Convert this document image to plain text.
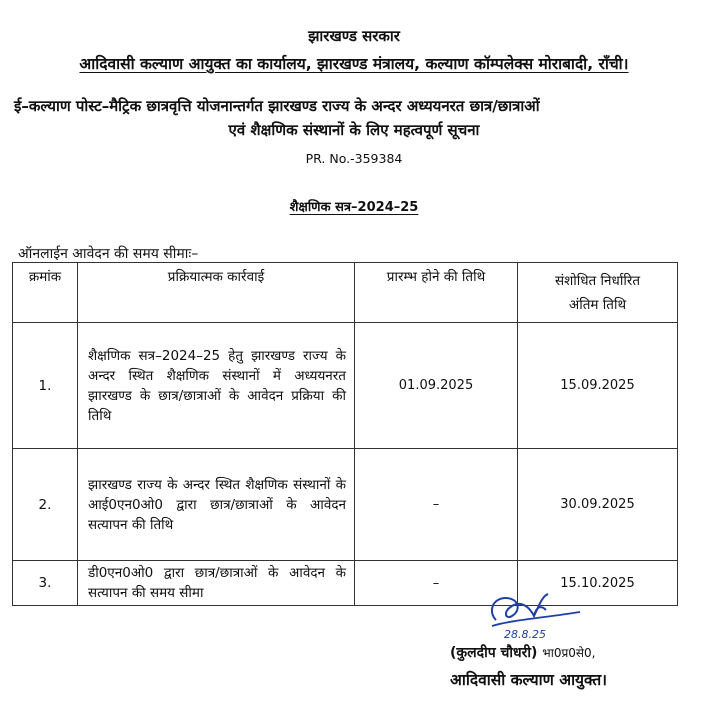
झारखण्ड सरकार
आदिवासी कल्याण आयुक्त का कार्यालय, झारखण्ड मंत्रालय, कल्याण कॉम्पलेक्स मोराबादी, राँची।
ई–कल्याण पोस्ट–मैट्रिक छात्रवृत्ति योजनान्तर्गत झारखण्ड राज्य के अन्दर अध्ययनरत छात्र/छात्राओं
एवं शैक्षणिक संस्थानों के लिए महत्वपूर्ण सूचना
PR. No.-359384
शैक्षणिक सत्र–2024–25
ऑनलाईन आवेदन की समय सीमाः–
क्रमांक	प्रक्रियात्मक कार्रवाई	प्रारम्भ होने की तिथि	संशोधित निर्धारित
अंतिम तिथि

1.	शैक्षणिक सत्र–2024–25 हेतु झारखण्ड राज्य के अन्दर स्थित शैक्षणिक संस्थानों में अध्ययनरत झारखण्ड के छात्र/छात्राओं के आवेदन प्रक्रिया की तिथि	01.09.2025	15.09.2025
2.	झारखण्ड राज्य के अन्दर स्थित शैक्षणिक संस्थानों के आई0एन0ओ0 द्वारा छात्र/छात्राओं के आवेदन सत्यापन की तिथि	–	30.09.2025
3.	डी0एन0ओ0 द्वारा छात्र/छात्राओं के आवेदन के सत्यापन की समय सीमा	–	15.10.2025
28.8.25
(कुलदीप चौधरी) भा0प्र0से0,
आदिवासी कल्याण आयुक्त।
